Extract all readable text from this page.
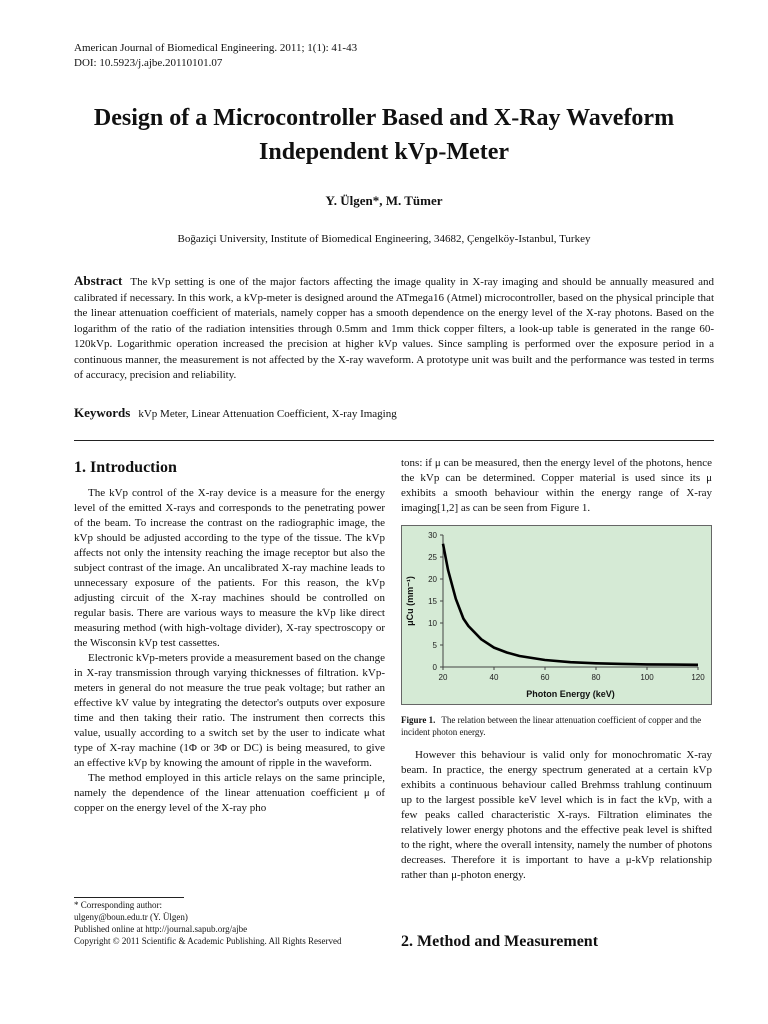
American Journal of Biomedical Engineering. 2011; 1(1): 41-43
DOI: 10.5923/j.ajbe.20110101.07
Design of a Microcontroller Based and X-Ray Waveform Independent kVp-Meter
Y. Ülgen*, M. Tümer
Boğaziçi University, Institute of Biomedical Engineering, 34682, Çengelköy-Istanbul, Turkey
Abstract The kVp setting is one of the major factors affecting the image quality in X-ray imaging and should be annually measured and calibrated if necessary. In this work, a kVp-meter is designed around the ATmega16 (Atmel) microcontroller, based on the physical principle that the linear attenuation coefficient of materials, namely copper has a smooth dependence on the energy level of the X-ray photons. Based on the logarithm of the ratio of the radiation intensities through 0.5mm and 1mm thick copper filters, a look-up table is generated in the range 60-120kVp. Logarithmic operation increased the precision at higher kVp values. Since sampling is performed over the exposure period in a continuous manner, the measurement is not affected by the X-ray waveform. A prototype unit was built and the performance was tested in terms of accuracy, precision and reliability.
Keywords kVp Meter, Linear Attenuation Coefficient, X-ray Imaging
1. Introduction

The kVp control of the X-ray device is a measure for the energy level of the emitted X-rays and corresponds to the penetrating power of the beam. To increase the contrast on the radiographic image, the kVp should be adjusted according to the type of the tissue. The kVp affects not only the intensity reaching the image receptor but also the subject contrast of the image. An uncalibrated X-ray machine leads to unnecessary exposure of the patients. For this reason, the kVp adjusting circuit of the X-ray machines should be controlled on regular basis. There are various ways to measure the kVp like direct measuring method (with high-voltage divider), X-ray spectroscopy or the Wisconsin kVp test cassettes.

Electronic kVp-meters provide a measurement based on the change in X-ray transmission through varying thicknesses of filtration. kVp-meters in general do not measure the true peak voltage; but rather an effective kV value by integrating the detector's outputs over exposure time and then taking their ratio. The instrument then corrects this value, usually according to a switch set by the user to indicate what type of X-ray machine (1Φ or 3Φ or DC) is being measured, to give an effective kVp by knowing the amount of ripple in the waveform.

The method employed in this article relays on the same principle, namely the dependence of the linear attenuation coefficient μ of copper on the energy level of the X-ray pho

tons: if μ can be measured, then the energy level of the photons, hence the kVp can be determined. Copper material is used since its μ exhibits a smooth behaviour within the energy range of X-ray imaging[1,2] as can be seen from Figure 1.

20	40	60	80	100	120
0
5
10
15
20
25
30
Photon Energy (keV)
μCu (mm⁻¹)
Figure 1. The relation between the linear attenuation coefficient of copper and the incident photon energy.

However this behaviour is valid only for monochromatic X-ray beam. In practice, the energy spectrum generated at a certain kVp exhibits a continuous behaviour called Brehmss trahlung continuum up to the largest possible keV level which is in fact the kVp, with a few peaks called characteristic X-rays. Filtration eliminates the relatively lower energy photons and the effective peak level is shifted to the right, where the overall intensity, namely the number of photons decreases. Therefore it is important to have a μ-kVp relationship rather than μ-photon energy.

2. Method and Measurement
* Corresponding author:
ulgeny@boun.edu.tr (Y. Ülgen)
Published online at http://journal.sapub.org/ajbe
Copyright © 2011 Scientific & Academic Publishing. All Rights Reserved
